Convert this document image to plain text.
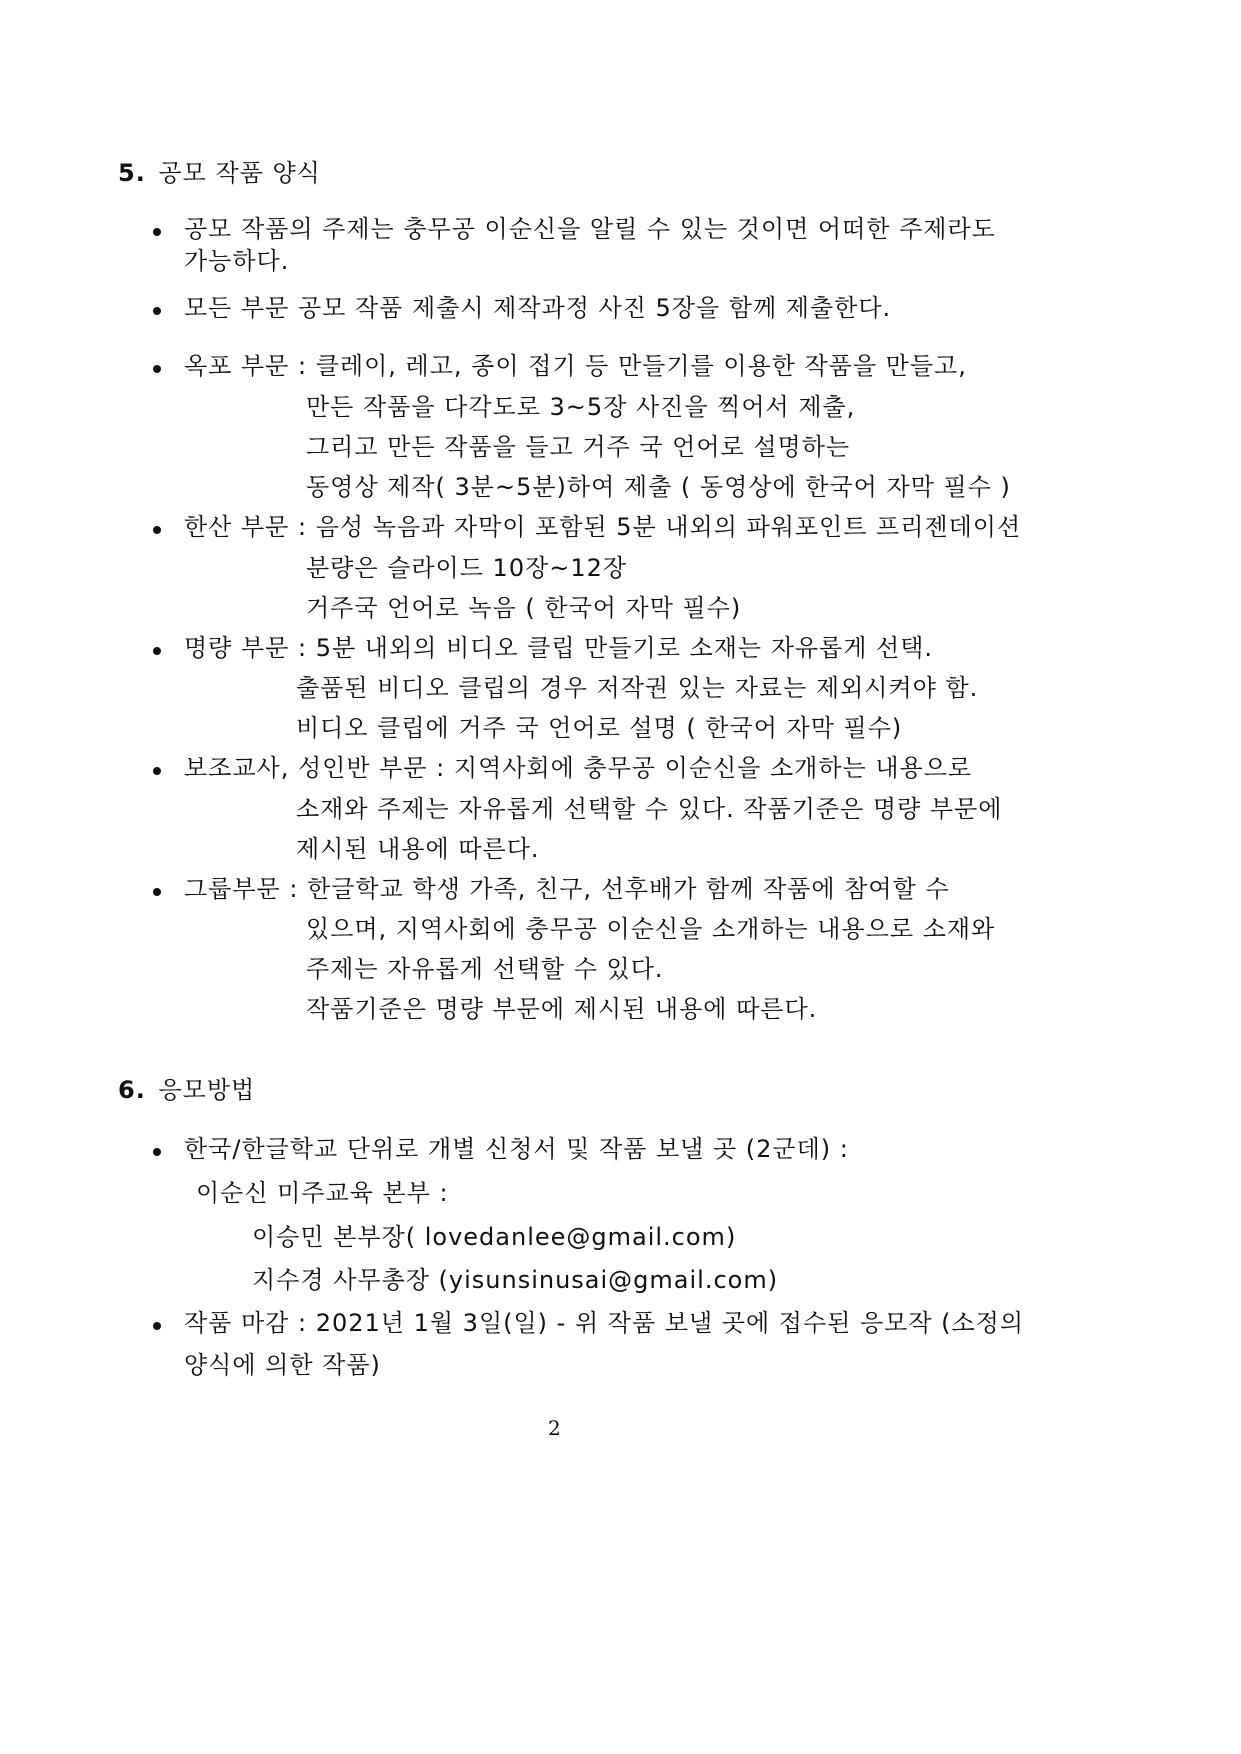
5. 공모 작품 양식
공모 작품의 주제는 충무공 이순신을 알릴 수 있는 것이면 어떠한 주제라도
가능하다.
모든 부문 공모 작품 제출시 제작과정 사진 5장을 함께 제출한다.
옥포 부문 : 클레이, 레고, 종이 접기 등 만들기를 이용한 작품을 만들고,
만든 작품을 다각도로 3~5장 사진을 찍어서 제출,
그리고 만든 작품을 들고 거주 국 언어로 설명하는
동영상 제작( 3분~5분)하여 제출 ( 동영상에 한국어 자막 필수 )
한산 부문 : 음성 녹음과 자막이 포함된 5분 내외의 파워포인트 프리젠데이션
분량은 슬라이드 10장~12장
거주국 언어로 녹음 ( 한국어 자막 필수)
명량 부문 : 5분 내외의 비디오 클립 만들기로 소재는 자유롭게 선택.
출품된 비디오 클립의 경우 저작권 있는 자료는 제외시켜야 함.
비디오 클립에 거주 국 언어로 설명 ( 한국어 자막 필수)
보조교사, 성인반 부문 : 지역사회에 충무공 이순신을 소개하는 내용으로
소재와 주제는 자유롭게 선택할 수 있다. 작품기준은 명량 부문에
제시된 내용에 따른다.
그룹부문 : 한글학교 학생 가족, 친구, 선후배가 함께 작품에 참여할 수
있으며, 지역사회에 충무공 이순신을 소개하는 내용으로 소재와
주제는 자유롭게 선택할 수 있다.
작품기준은 명량 부문에 제시된 내용에 따른다.
6. 응모방법
한국/한글학교 단위로 개별 신청서 및 작품 보낼 곳 (2군데) :
이순신 미주교육 본부 :
이승민 본부장( lovedanlee@gmail.com)
지수경 사무총장 (yisunsinusai@gmail.com)
작품 마감 : 2021년 1월 3일(일) - 위 작품 보낼 곳에 접수된 응모작 (소정의
양식에 의한 작품)
2
